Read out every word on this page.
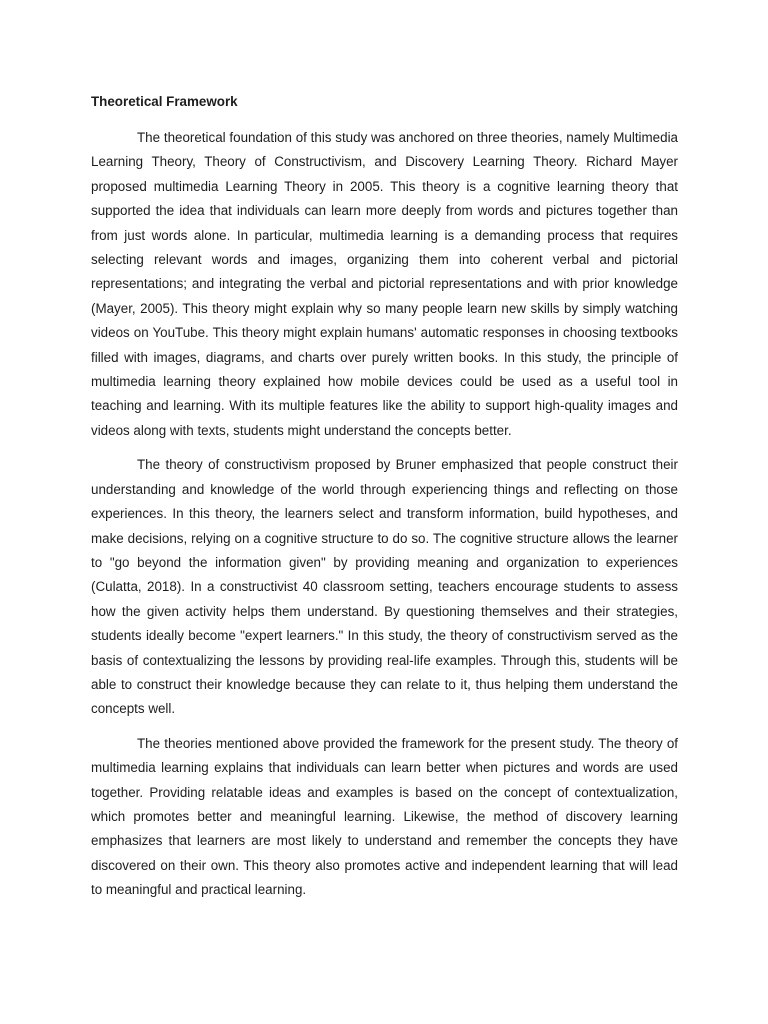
Theoretical Framework

The theoretical foundation of this study was anchored on three theories, namely Multimedia Learning Theory, Theory of Constructivism, and Discovery Learning Theory. Richard Mayer proposed multimedia Learning Theory in 2005. This theory is a cognitive learning theory that supported the idea that individuals can learn more deeply from words and pictures together than from just words alone. In particular, multimedia learning is a demanding process that requires selecting relevant words and images, organizing them into coherent verbal and pictorial representations; and integrating the verbal and pictorial representations and with prior knowledge (Mayer, 2005). This theory might explain why so many people learn new skills by simply watching videos on YouTube. This theory might explain humans' automatic responses in choosing textbooks filled with images, diagrams, and charts over purely written books. In this study, the principle of multimedia learning theory explained how mobile devices could be used as a useful tool in teaching and learning. With its multiple features like the ability to support high-quality images and videos along with texts, students might understand the concepts better.

The theory of constructivism proposed by Bruner emphasized that people construct their understanding and knowledge of the world through experiencing things and reflecting on those experiences. In this theory, the learners select and transform information, build hypotheses, and make decisions, relying on a cognitive structure to do so. The cognitive structure allows the learner to "go beyond the information given" by providing meaning and organization to experiences (Culatta, 2018). In a constructivist 40 classroom setting, teachers encourage students to assess how the given activity helps them understand. By questioning themselves and their strategies, students ideally become "expert learners." In this study, the theory of constructivism served as the basis of contextualizing the lessons by providing real-life examples. Through this, students will be able to construct their knowledge because they can relate to it, thus helping them understand the concepts well.

The theories mentioned above provided the framework for the present study. The theory of multimedia learning explains that individuals can learn better when pictures and words are used together. Providing relatable ideas and examples is based on the concept of contextualization, which promotes better and meaningful learning. Likewise, the method of discovery learning emphasizes that learners are most likely to understand and remember the concepts they have discovered on their own. This theory also promotes active and independent learning that will lead to meaningful and practical learning.
